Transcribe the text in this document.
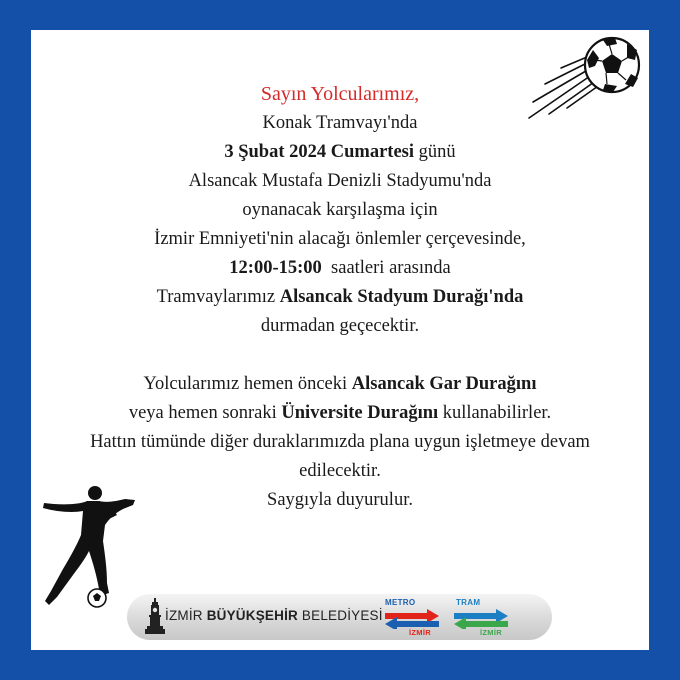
Sayın Yolcularımız,
Konak Tramvayı'nda
3 Şubat 2024 Cumartesi günü
Alsancak Mustafa Denizli Stadyumu'nda
oynanacak karşılaşma için
İzmir Emniyeti'nin alacağı önlemler çerçevesinde,
12:00-15:00  saatleri arasında
Tramvaylarımız Alsancak Stadyum Durağı'nda
durmadan geçecektir.
Yolcularımız hemen önceki Alsancak Gar Durağını
veya hemen sonraki Üniversite Durağını kullanabilirler.
Hattın tümünde diğer duraklarımızda plana uygun işletmeye devam
edilecektir.
Saygıyla duyurulur.
İZMİR BÜYÜKŞEHİR BELEDİYESİ
METRO
İZMİR
TRAM
İZMİR
